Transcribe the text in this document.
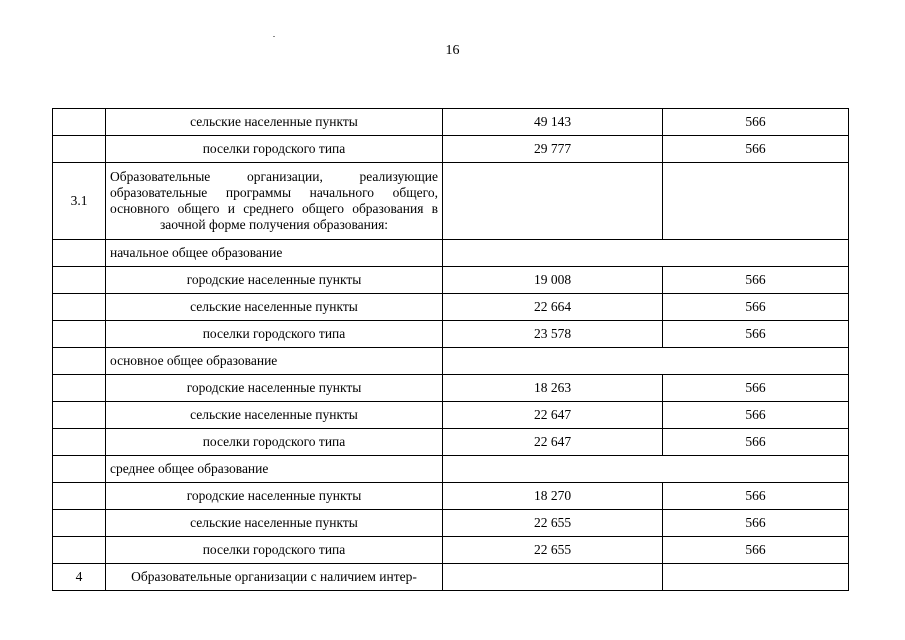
16
	сельские населенные пункты	49 143	566
	поселки городского типа	29 777	566
3.1	Образовательные организации, реализующие образовательные программы начального общего, основного общего и среднего общего образования в заочной форме получения образования:		
	начальное общее образование		
	городские населенные пункты	19 008	566
	сельские населенные пункты	22 664	566
	поселки городского типа	23 578	566
	основное общее образование		
	городские населенные пункты	18 263	566
	сельские населенные пункты	22 647	566
	поселки городского типа	22 647	566
	среднее общее образование		
	городские населенные пункты	18 270	566
	сельские населенные пункты	22 655	566
	поселки городского типа	22 655	566
4	Образовательные организации с наличием интер-		
